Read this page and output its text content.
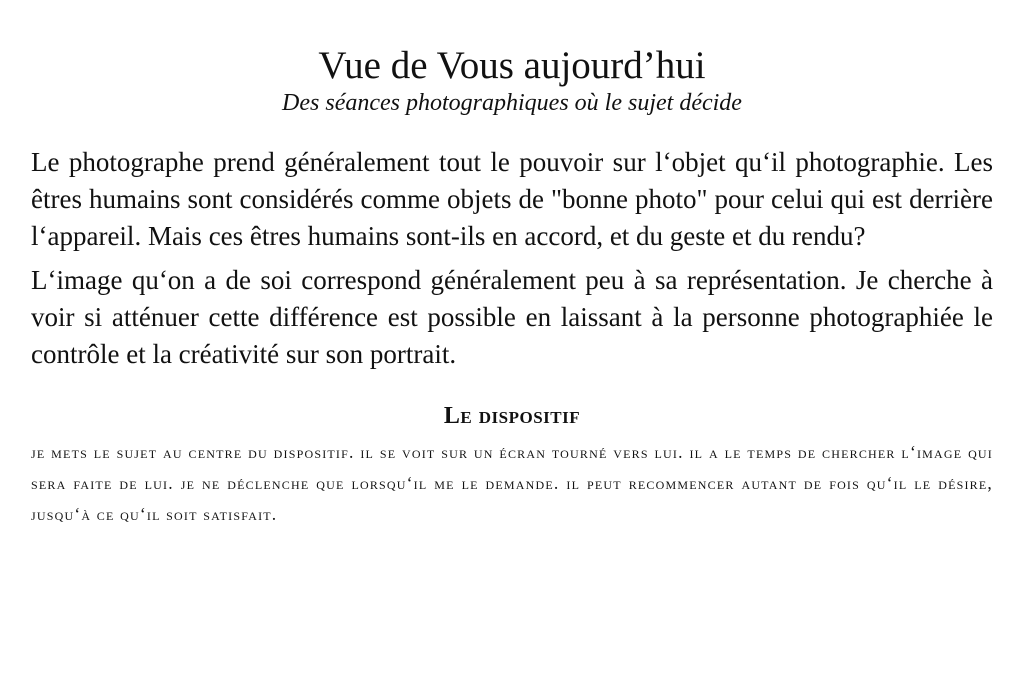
Vue de Vous aujourd’hui
Des séances photographiques où le sujet décide

Le photographe prend généralement tout le pouvoir sur l‘objet qu‘il photographie. Les êtres humains sont considérés comme objets de "bonne photo" pour celui qui est derrière l‘appareil. Mais ces êtres humains sont-ils en accord, et du geste et du rendu?

L‘image qu‘on a de soi correspond généralement peu à sa représentation. Je cherche à voir si atténuer cette différence est possible en laissant à la personne photographiée le contrôle et la créativité sur son portrait.

Le dispositif

je mets le sujet au centre du dispositif. il se voit sur un écran tourné vers lui. il a le temps de chercher l‘image qui sera faite de lui. je ne déclenche que lorsqu‘il me le demande. il peut recommencer autant de fois qu‘il le désire, jusqu‘à ce qu‘il soit satisfait.
